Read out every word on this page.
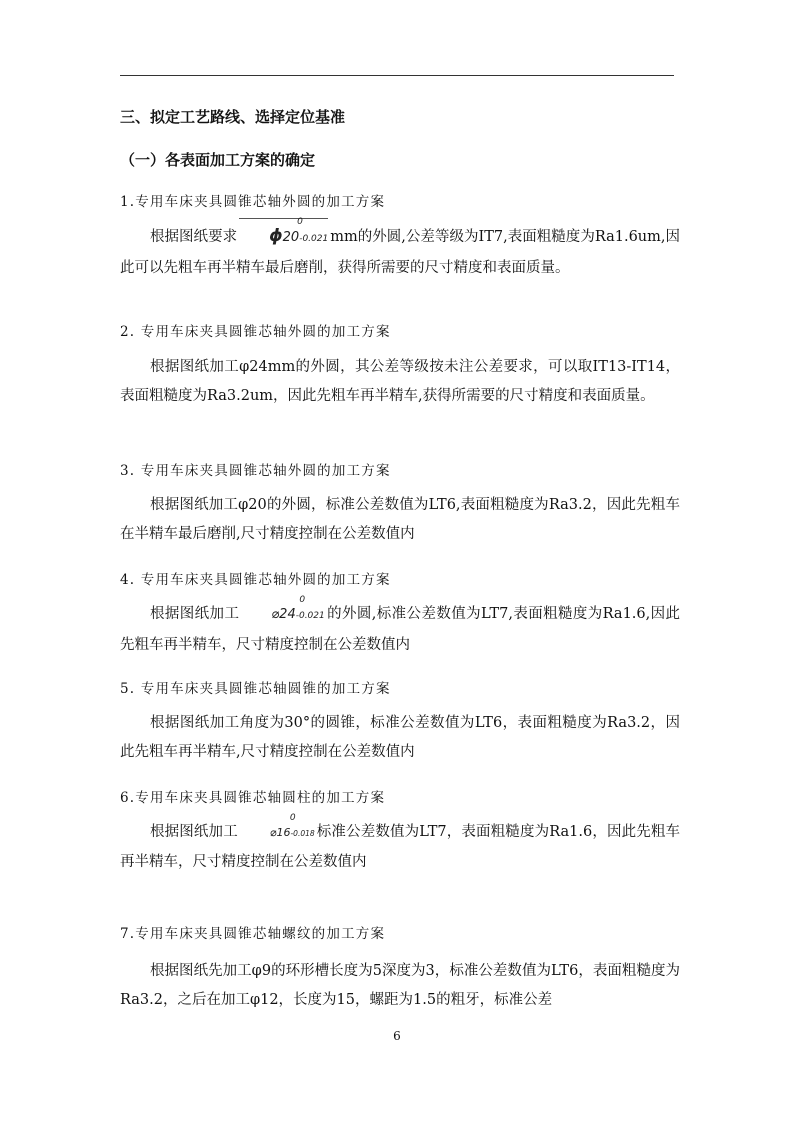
三、拟定工艺路线、选择定位基准
（一）各表面加工方案的确定
1.专用车床夹具圆锥芯轴外圆的加工方案

根据图纸要求 ϕ20
0
-0.021 mm的外圆,公差等级为IT7,表面粗糙度为Ra1.6um,因此可以先粗车再半精车最后磨削，获得所需要的尺寸精度和表面质量。

2. 专用车床夹具圆锥芯轴外圆的加工方案

根据图纸加工φ24mm的外圆，其公差等级按未注公差要求，可以取IT13-IT14，表面粗糙度为Ra3.2um，因此先粗车再半精车,获得所需要的尺寸精度和表面质量。

3. 专用车床夹具圆锥芯轴外圆的加工方案

根据图纸加工φ20的外圆，标准公差数值为LT6,表面粗糙度为Ra3.2，因此先粗车在半精车最后磨削,尺寸精度控制在公差数值内

4. 专用车床夹具圆锥芯轴外圆的加工方案

根据图纸加工 ⌀24
0
-0.021 的外圆,标准公差数值为LT7,表面粗糙度为Ra1.6,因此先粗车再半精车，尺寸精度控制在公差数值内

5. 专用车床夹具圆锥芯轴圆锥的加工方案

根据图纸加工角度为30°的圆锥，标准公差数值为LT6，表面粗糙度为Ra3.2，因此先粗车再半精车,尺寸精度控制在公差数值内

6.专用车床夹具圆锥芯轴圆柱的加工方案

根据图纸加工	⌀16
0
-0.018 标准公差数值为LT7，表面粗糙度为Ra1.6，因此先粗车再半精车，尺寸精度控制在公差数值内

7.专用车床夹具圆锥芯轴螺纹的加工方案

根据图纸先加工φ9的环形槽长度为5深度为3，标准公差数值为LT6，表面粗糙度为Ra3.2，之后在加工φ12，长度为15，螺距为1.5的粗牙，标准公差

6
